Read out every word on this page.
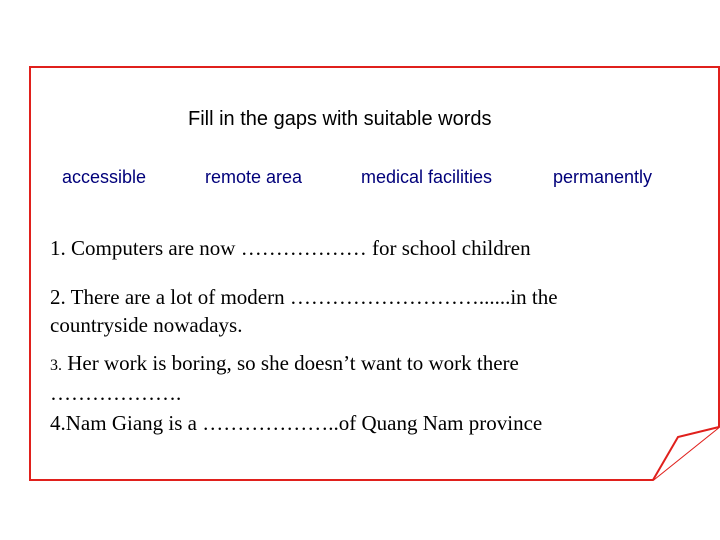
Fill in the gaps with suitable words
accessible	remote area	medical facilities	permanently
1. Computers are now ……………… for school children
2. There are a lot of modern ………………………......in the
countryside nowadays.
3. Her work is boring, so she doesn’t want to work there
……………….
4.Nam Giang is a ………………..of Quang Nam province
